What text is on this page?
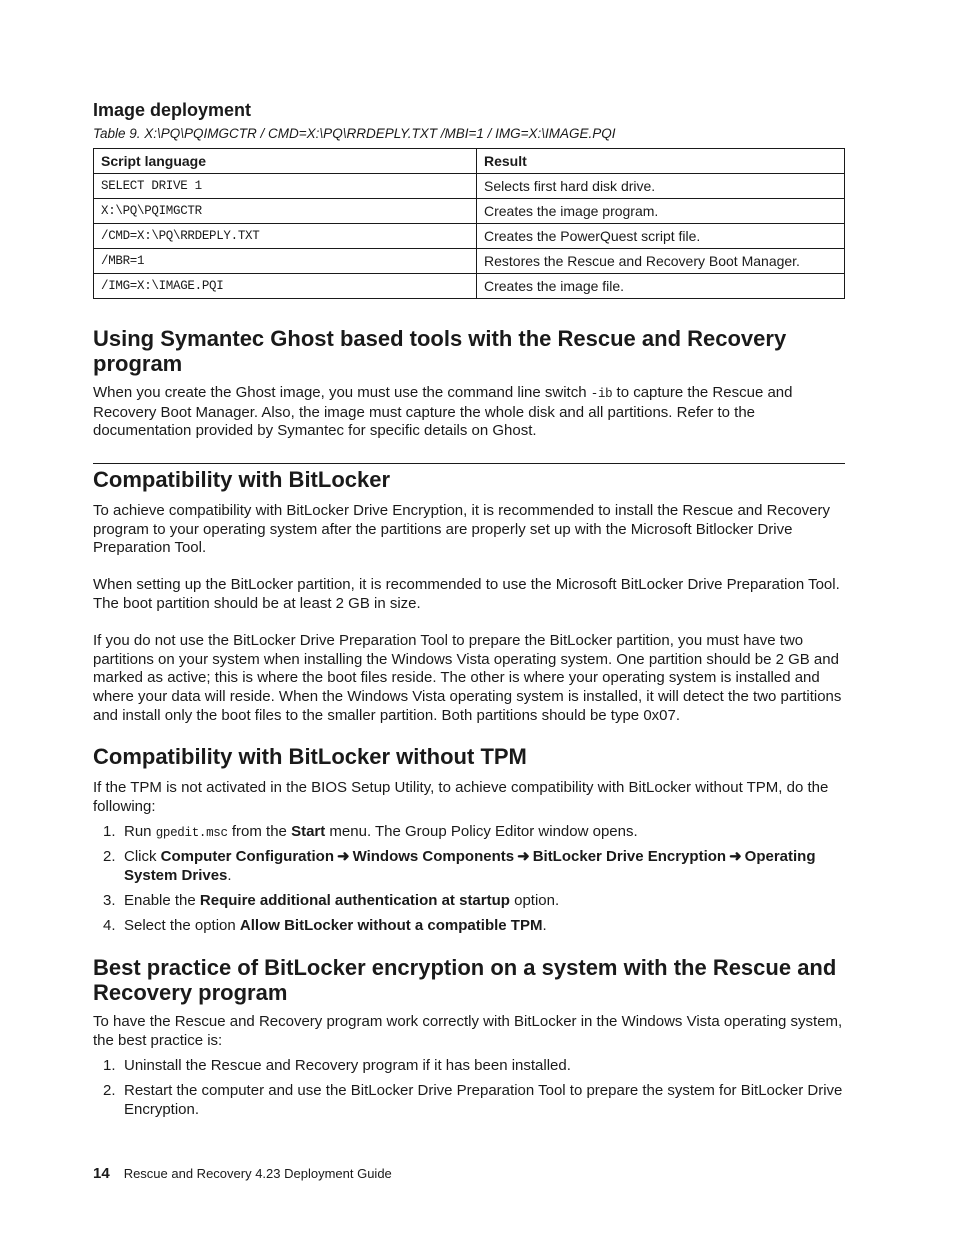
Image deployment

Table 9. X:\PQ\PQIMGCTR / CMD=X:\PQ\RRDEPLY.TXT /MBI=1 / IMG=X:\IMAGE.PQI

Script language	Result
SELECT DRIVE 1	Selects first hard disk drive.
X:\PQ\PQIMGCTR	Creates the image program.
/CMD=X:\PQ\RRDEPLY.TXT	Creates the PowerQuest script file.
/MBR=1	Restores the Rescue and Recovery Boot Manager.
/IMG=X:\IMAGE.PQI	Creates the image file.
Using Symantec Ghost based tools with the Rescue and Recovery program

When you create the Ghost image, you must use the command line switch -ib to capture the Rescue and Recovery Boot Manager. Also, the image must capture the whole disk and all partitions. Refer to the documentation provided by Symantec for specific details on Ghost.

Compatibility with BitLocker

To achieve compatibility with BitLocker Drive Encryption, it is recommended to install the Rescue and Recovery program to your operating system after the partitions are properly set up with the Microsoft Bitlocker Drive Preparation Tool.

When setting up the BitLocker partition, it is recommended to use the Microsoft BitLocker Drive Preparation Tool. The boot partition should be at least 2 GB in size.

If you do not use the BitLocker Drive Preparation Tool to prepare the BitLocker partition, you must have two partitions on your system when installing the Windows Vista operating system. One partition should be 2 GB and marked as active; this is where the boot files reside. The other is where your operating system is installed and where your data will reside. When the Windows Vista operating system is installed, it will detect the two partitions and install only the boot files to the smaller partition. Both partitions should be type 0x07.

Compatibility with BitLocker without TPM

If the TPM is not activated in the BIOS Setup Utility, to achieve compatibility with BitLocker without TPM, do the following:

1. Run gpedit.msc from the Start menu. The Group Policy Editor window opens.
2. Click Computer Configuration ➜ Windows Components ➜ BitLocker Drive Encryption ➜ Operating System Drives.
3. Enable the Require additional authentication at startup option.
4. Select the option Allow BitLocker without a compatible TPM.
Best practice of BitLocker encryption on a system with the Rescue and Recovery program

To have the Rescue and Recovery program work correctly with BitLocker in the Windows Vista operating system, the best practice is:

1. Uninstall the Rescue and Recovery program if it has been installed.
2. Restart the computer and use the BitLocker Drive Preparation Tool to prepare the system for BitLocker Drive Encryption.
14 Rescue and Recovery 4.23 Deployment Guide
